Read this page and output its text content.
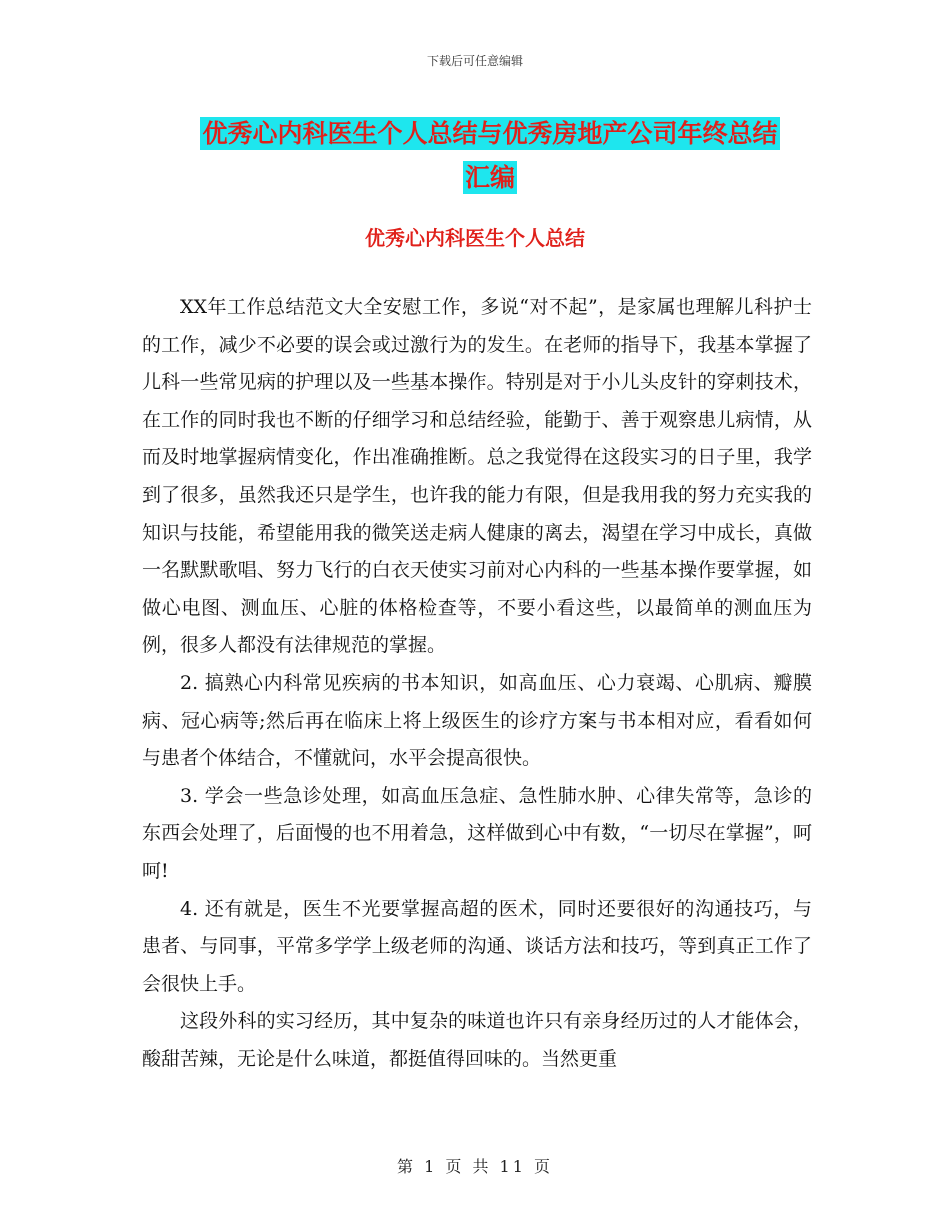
下载后可任意编辑
优秀心内科医生个人总结与优秀房地产公司年终总结
汇编
优秀心内科医生个人总结

XX年工作总结范文大全安慰工作，多说“对不起”，是家属也理解儿科护士的工作，减少不必要的误会或过激行为的发生。在老师的指导下，我基本掌握了儿科一些常见病的护理以及一些基本操作。特别是对于小儿头皮针的穿刺技术，在工作的同时我也不断的仔细学习和总结经验，能勤于、善于观察患儿病情，从而及时地掌握病情变化，作出准确推断。总之我觉得在这段实习的日子里，我学到了很多，虽然我还只是学生，也许我的能力有限，但是我用我的努力充实我的知识与技能，希望能用我的微笑送走病人健康的离去，渴望在学习中成长，真做一名默默歌唱、努力飞行的白衣天使实习前对心内科的一些基本操作要掌握，如做心电图、测血压、心脏的体格检查等，不要小看这些，以最简单的测血压为例，很多人都没有法律规范的掌握。

2. 搞熟心内科常见疾病的书本知识，如高血压、心力衰竭、心肌病、瓣膜病、冠心病等;然后再在临床上将上级医生的诊疗方案与书本相对应，看看如何与患者个体结合，不懂就问，水平会提高很快。

3. 学会一些急诊处理，如高血压急症、急性肺水肿、心律失常等，急诊的东西会处理了，后面慢的也不用着急，这样做到心中有数，“一切尽在掌握”，呵呵!

4. 还有就是，医生不光要掌握高超的医术，同时还要很好的沟通技巧，与患者、与同事，平常多学学上级老师的沟通、谈话方法和技巧，等到真正工作了会很快上手。

这段外科的实习经历，其中复杂的味道也许只有亲身经历过的人才能体会，酸甜苦辣，无论是什么味道，都挺值得回味的。当然更重

第 1 页 共 11 页
